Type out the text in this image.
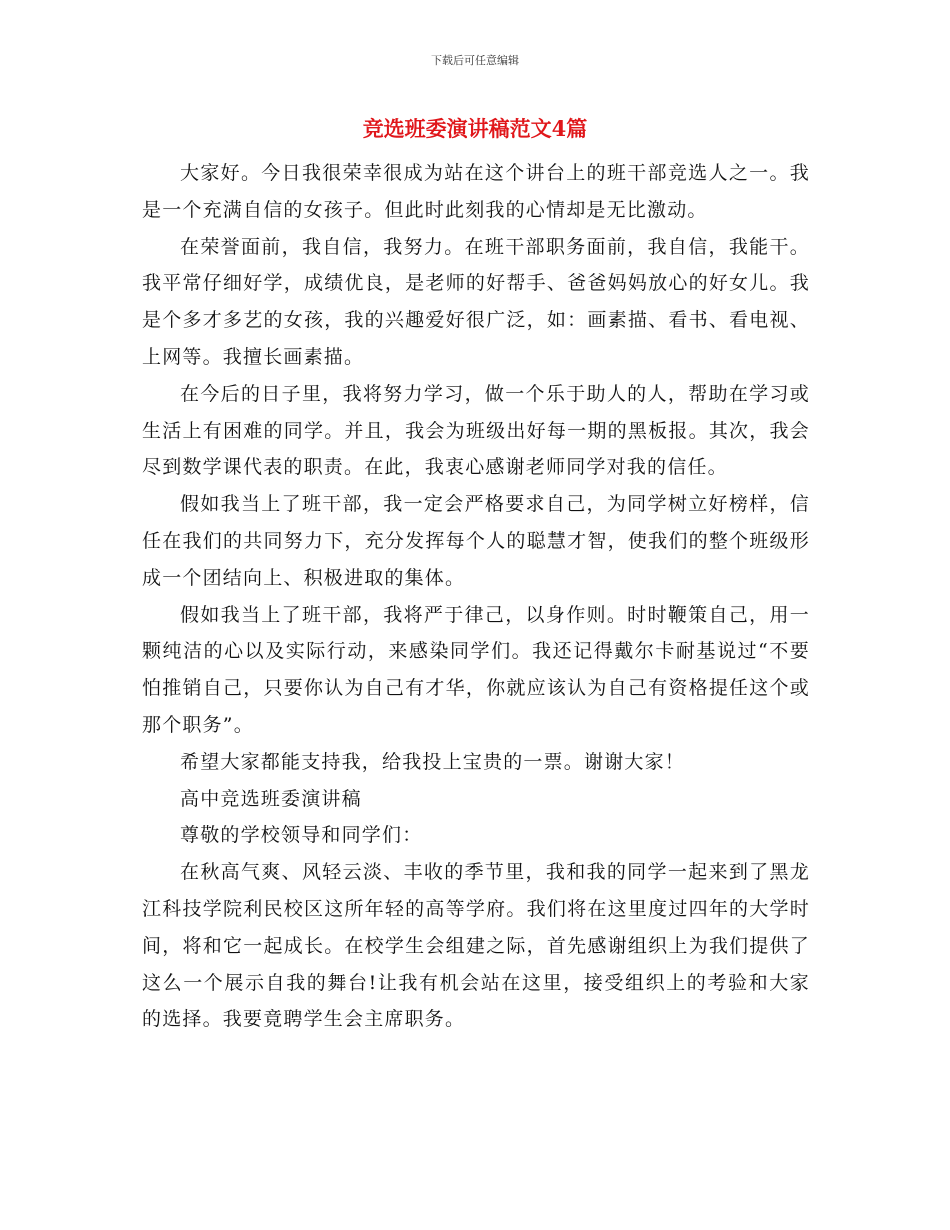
下载后可任意编辑
竞选班委演讲稿范文4篇

大家好。今日我很荣幸很成为站在这个讲台上的班干部竞选人之一。我是一个充满自信的女孩子。但此时此刻我的心情却是无比激动。

在荣誉面前，我自信，我努力。在班干部职务面前，我自信，我能干。我平常仔细好学，成绩优良，是老师的好帮手、爸爸妈妈放心的好女儿。我是个多才多艺的女孩，我的兴趣爱好很广泛，如：画素描、看书、看电视、上网等。我擅长画素描。

在今后的日子里，我将努力学习，做一个乐于助人的人，帮助在学习或生活上有困难的同学。并且，我会为班级出好每一期的黑板报。其次，我会尽到数学课代表的职责。在此，我衷心感谢老师同学对我的信任。

假如我当上了班干部，我一定会严格要求自己，为同学树立好榜样，信任在我们的共同努力下，充分发挥每个人的聪慧才智，使我们的整个班级形成一个团结向上、积极进取的集体。

假如我当上了班干部，我将严于律己，以身作则。时时鞭策自己，用一颗纯洁的心以及实际行动，来感染同学们。我还记得戴尔卡耐基说过“不要怕推销自己，只要你认为自己有才华，你就应该认为自己有资格提任这个或那个职务”。

希望大家都能支持我，给我投上宝贵的一票。谢谢大家！

高中竞选班委演讲稿

尊敬的学校领导和同学们：

在秋高气爽、风轻云淡、丰收的季节里，我和我的同学一起来到了黑龙江科技学院利民校区这所年轻的高等学府。我们将在这里度过四年的大学时间，将和它一起成长。在校学生会组建之际，首先感谢组织上为我们提供了这么一个展示自我的舞台!让我有机会站在这里，接受组织上的考验和大家的选择。我要竟聘学生会主席职务。
